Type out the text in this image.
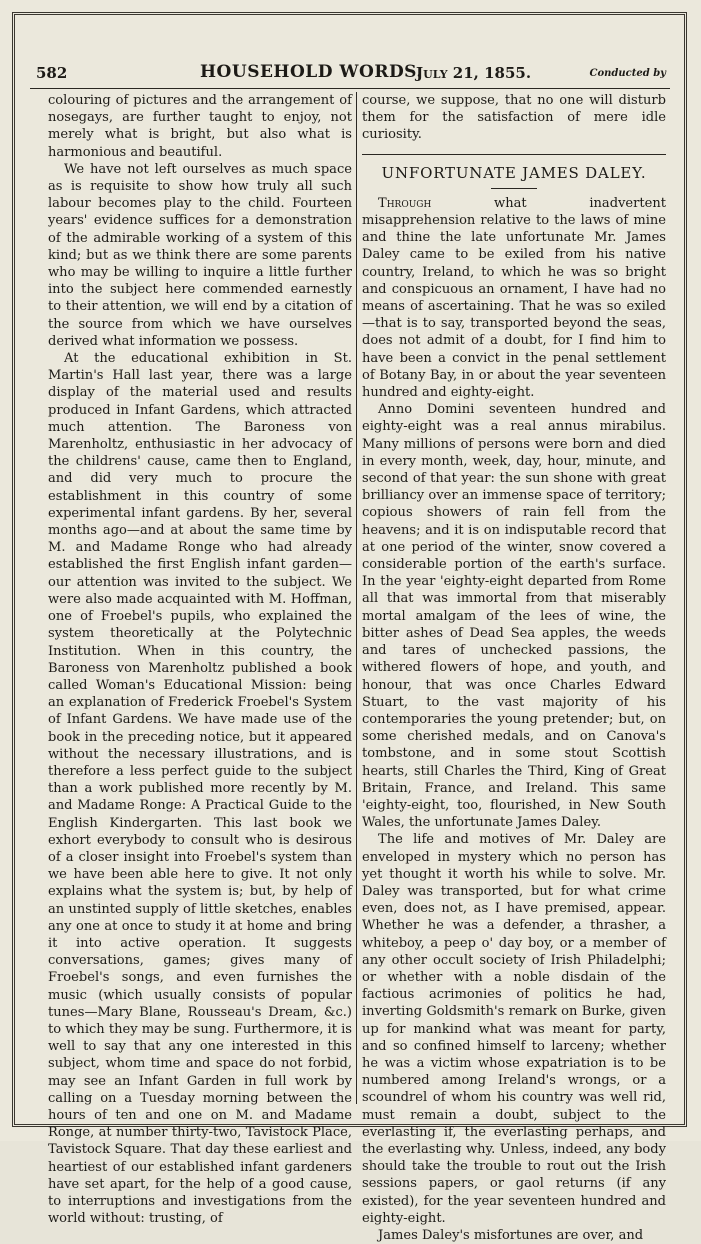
582	HOUSEHOLD WORDS.
July 21, 1855.	Conducted by

colouring of pictures and the arrangement of nosegays, are further taught to enjoy, not merely what is bright, but also what is harmonious and beautiful.

We have not left ourselves as much space as is requisite to show how truly all such labour becomes play to the child. Fourteen years' evidence suffices for a demonstration of the admirable working of a system of this kind; but as we think there are some parents who may be willing to inquire a little further into the subject here commended earnestly to their attention, we will end by a citation of the source from which we have ourselves derived what information we possess.

At the educational exhibition in St. Martin's Hall last year, there was a large display of the material used and results produced in Infant Gardens, which attracted much attention. The Baroness von Marenholtz, enthusiastic in her advocacy of the childrens' cause, came then to England, and did very much to procure the establishment in this country of some experimental infant gardens. By her, several months ago—and at about the same time by M. and Madame Ronge who had already established the first English infant garden—our attention was invited to the subject. We were also made acquainted with M. Hoffman, one of Froebel's pupils, who explained the system theoretically at the Polytechnic Institution. When in this country, the Baroness von Marenholtz published a book called Woman's Educational Mission: being an explanation of Frederick Froebel's System of Infant Gardens. We have made use of the book in the preceding notice, but it appeared without the necessary illustrations, and is therefore a less perfect guide to the subject than a work published more recently by M. and Madame Ronge: A Practical Guide to the English Kindergarten. This last book we exhort everybody to consult who is desirous of a closer insight into Froebel's system than we have been able here to give. It not only explains what the system is; but, by help of an unstinted supply of little sketches, enables any one at once to study it at home and bring it into active operation. It suggests conversations, games; gives many of Froebel's songs, and even furnishes the music (which usually consists of popular tunes—Mary Blane, Rousseau's Dream, &c.) to which they may be sung. Furthermore, it is well to say that any one interested in this subject, whom time and space do not forbid, may see an Infant Garden in full work by calling on a Tuesday morning between the hours of ten and one on M. and Madame Ronge, at number thirty-two, Tavistock Place, Tavistock Square. That day these earliest and heartiest of our established infant gardeners have set apart, for the help of a good cause, to interruptions and investigations from the world without: trusting, of

course, we suppose, that no one will disturb them for the satisfaction of mere idle curiosity.

UNFORTUNATE JAMES DALEY.

Through what inadvertent misapprehension relative to the laws of mine and thine the late unfortunate Mr. James Daley came to be exiled from his native country, Ireland, to which he was so bright and conspicuous an ornament, I have had no means of ascertaining. That he was so exiled—that is to say, transported beyond the seas, does not admit of a doubt, for I find him to have been a convict in the penal settlement of Botany Bay, in or about the year seventeen hundred and eighty-eight.

Anno Domini seventeen hundred and eighty-eight was a real annus mirabilus. Many millions of persons were born and died in every month, week, day, hour, minute, and second of that year: the sun shone with great brilliancy over an immense space of territory; copious showers of rain fell from the heavens; and it is on indisputable record that at one period of the winter, snow covered a considerable portion of the earth's surface. In the year 'eighty-eight departed from Rome all that was immortal from that miserably mortal amalgam of the lees of wine, the bitter ashes of Dead Sea apples, the weeds and tares of unchecked passions, the withered flowers of hope, and youth, and honour, that was once Charles Edward Stuart, to the vast majority of his contemporaries the young pretender; but, on some cherished medals, and on Canova's tombstone, and in some stout Scottish hearts, still Charles the Third, King of Great Britain, France, and Ireland. This same 'eighty-eight, too, flourished, in New South Wales, the unfortunate James Daley.

The life and motives of Mr. Daley are enveloped in mystery which no person has yet thought it worth his while to solve. Mr. Daley was transported, but for what crime even, does not, as I have premised, appear. Whether he was a defender, a thrasher, a whiteboy, a peep o' day boy, or a member of any other occult society of Irish Philadelphi; or whether with a noble disdain of the factious acrimonies of politics he had, inverting Goldsmith's remark on Burke, given up for mankind what was meant for party, and so confined himself to larceny; whether he was a victim whose expatriation is to be numbered among Ireland's wrongs, or a scoundrel of whom his country was well rid, must remain a doubt, subject to the everlasting if, the everlasting perhaps, and the everlasting why. Unless, indeed, any body should take the trouble to rout out the Irish sessions papers, or gaol returns (if any existed), for the year seventeen hundred and eighty-eight.

James Daley's misfortunes are over, and
